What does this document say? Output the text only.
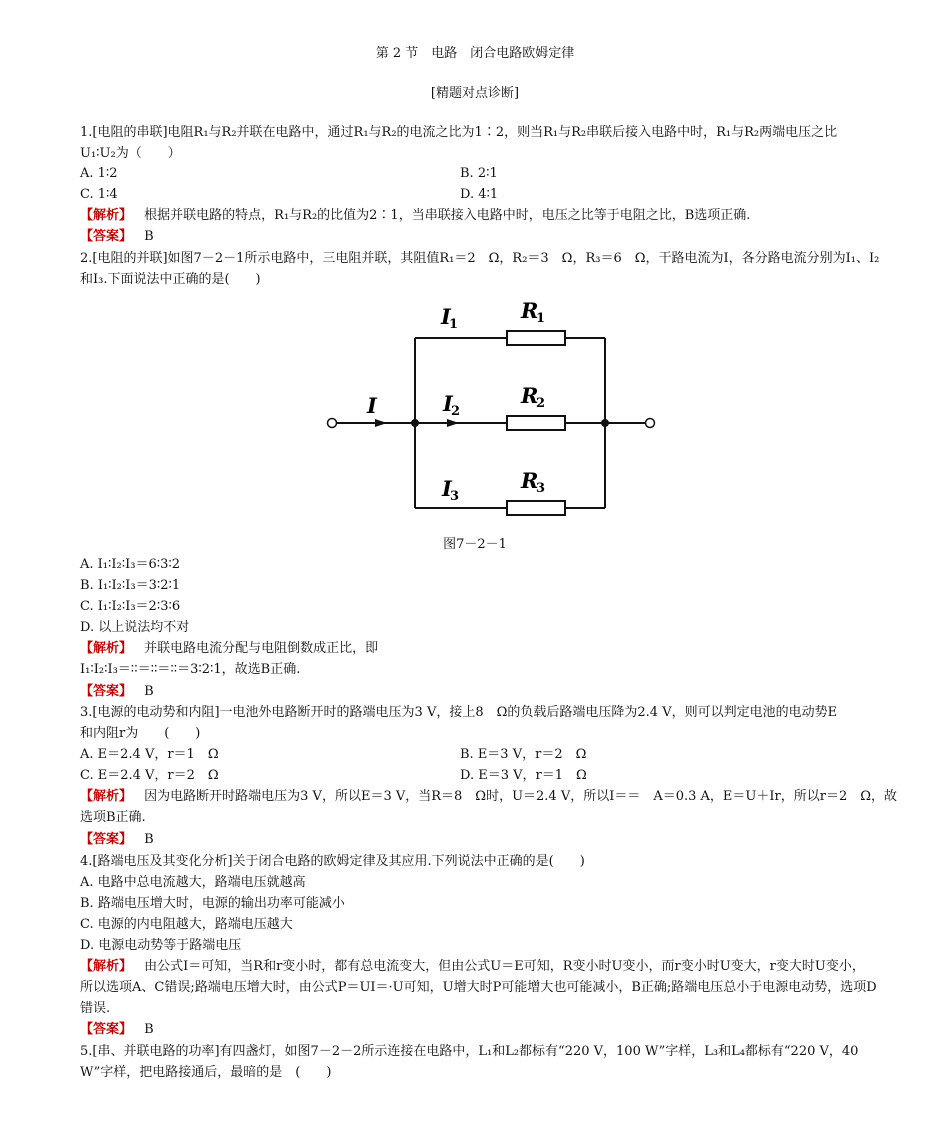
第 2 节　电路　闭合电路欧姆定律
[精题对点诊断]
1.[电阻的串联]电阻R₁与R₂并联在电路中，通过R₁与R₂的电流之比为1∶2，则当R₁与R₂串联后接入电路中时，R₁与R₂两端电压之比
U₁∶U₂为（　　）
A. 1∶2	B. 2∶1
C. 1∶4	D. 4∶1
【解析】 根据并联电路的特点，R₁与R₂的比值为2∶1，当串联接入电路中时，电压之比等于电阻之比，B选项正确.
【答案】 B
2.[电阻的并联]如图7－2－1所示电路中，三电阻并联，其阻值R₁＝2　Ω，R₂＝3　Ω，R₃＝6　Ω，干路电流为I，各分路电流分别为I₁、I₂
和I₃.下面说法中正确的是(　　)
I
I
1
I
2
I
3
R
1
R
2
R
3
图7－2－1
A. I₁∶I₂∶I₃＝6∶3∶2
B. I₁∶I₂∶I₃＝3∶2∶1
C. I₁∶I₂∶I₃＝2∶3∶6
D. 以上说法均不对
【解析】 并联电路电流分配与电阻倒数成正比，即
I₁∶I₂∶I₃＝∶∶＝∶∶＝∶∶＝3∶2∶1，故选B正确.
【答案】 B
3.[电源的电动势和内阻]一电池外电路断开时的路端电压为3 V，接上8　Ω的负载后路端电压降为2.4 V，则可以判定电池的电动势E
和内阻r为　　(　　)
A. E＝2.4 V，r＝1　Ω	B. E＝3 V，r＝2　Ω
C. E＝2.4 V，r＝2　Ω	D. E＝3 V，r＝1　Ω
【解析】 因为电路断开时路端电压为3 V，所以E＝3 V，当R＝8　Ω时，U＝2.4 V，所以I＝＝　A＝0.3 A，E＝U＋Ir，所以r＝2　Ω，故
选项B正确.
【答案】 B
4.[路端电压及其变化分析]关于闭合电路的欧姆定律及其应用.下列说法中正确的是(　　)
A. 电路中总电流越大，路端电压就越高
B. 路端电压增大时，电源的输出功率可能减小
C. 电源的内电阻越大，路端电压越大
D. 电源电动势等于路端电压
【解析】 由公式I＝可知，当R和r变小时，都有总电流变大，但由公式U＝E可知，R变小时U变小，而r变小时U变大，r变大时U变小，
所以选项A、C错误;路端电压增大时，由公式P＝UI＝·U可知，U增大时P可能增大也可能减小，B正确;路端电压总小于电源电动势，选项D
错误.
【答案】 B
5.[串、并联电路的功率]有四盏灯，如图7－2－2所示连接在电路中，L₁和L₂都标有“220 V，100 W”字样，L₃和L₄都标有“220 V，40
W”字样，把电路接通后，最暗的是　(　　)
